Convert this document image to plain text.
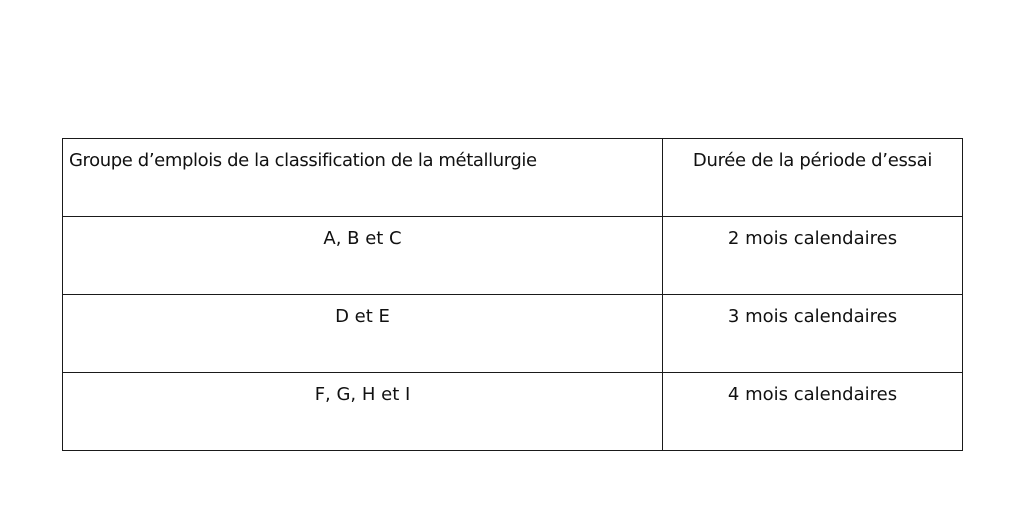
Groupe d’emplois de la classification de la métallurgie	Durée de la période d’essai

A, B et C	2 mois calendaires

D et E	3 mois calendaires

F, G, H et I	4 mois calendaires
